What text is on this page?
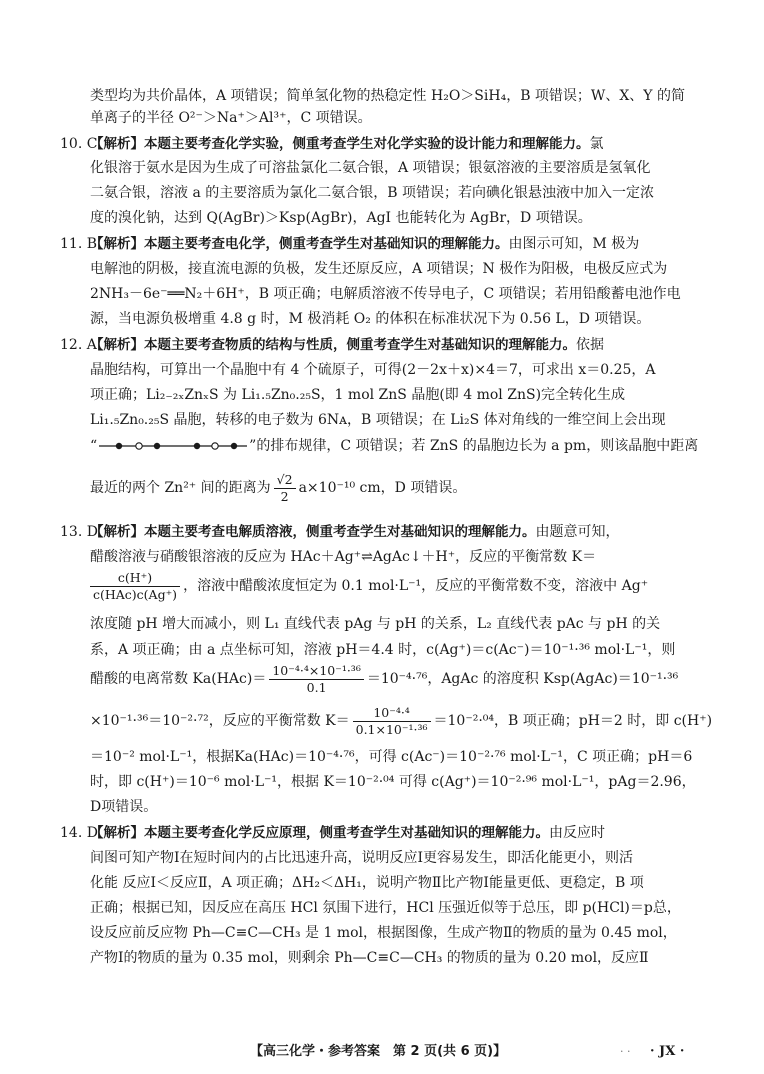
类型均为共价晶体，A 项错误；简单氢化物的热稳定性 H₂O＞SiH₄，B 项错误；W、X、Y 的简
单离子的半径 O²⁻＞Na⁺＞Al³⁺，C 项错误。
10. C【解析】本题主要考查化学实验，侧重考查学生对化学实验的设计能力和理解能力。氯
化银溶于氨水是因为生成了可溶盐氯化二氨合银，A 项错误；银氨溶液的主要溶质是氢氧化
二氨合银，溶液 a 的主要溶质为氯化二氨合银，B 项错误；若向碘化银悬浊液中加入一定浓
度的溴化钠，达到 Q(AgBr)＞Ksp(AgBr)，AgI 也能转化为 AgBr，D 项错误。
11. B【解析】本题主要考查电化学，侧重考查学生对基础知识的理解能力。由图示可知，M 极为
电解池的阴极，接直流电源的负极，发生还原反应，A 项错误；N 极作为阳极，电极反应式为
2NH₃－6e⁻══N₂＋6H⁺，B 项正确；电解质溶液不传导电子，C 项错误；若用铅酸蓄电池作电
源，当电源负极增重 4.8 g 时，M 极消耗 O₂ 的体积在标准状况下为 0.56 L，D 项错误。
12. A【解析】本题主要考查物质的结构与性质，侧重考查学生对基础知识的理解能力。依据
晶胞结构，可算出一个晶胞中有 4 个硫原子，可得(2－2x＋x)×4＝7，可求出 x＝0.25，A
项正确；Li₂₋₂ₓZnₓS 为 Li₁.₅Zn₀.₂₅S，1 mol ZnS 晶胞(即 4 mol ZnS)完全转化生成
Li₁.₅Zn₀.₂₅S 晶胞，转移的电子数为 6Nᴀ，B 项错误；在 Li₂S 体对角线的一维空间上会出现
“	”的排布规律，C 项错误；若 ZnS 的晶胞边长为 a pm，则该晶胞中距离
最近的两个 Zn²⁺ 间的距离为 $\frac{√2}{2} a\times 10^{-10}$ cm，D 项错误。
13. D【解析】本题主要考查电解质溶液，侧重考查学生对基础知识的理解能力。由题意可知，
醋酸溶液与硝酸银溶液的反应为 HAc＋Ag⁺⇌AgAc↓＋H⁺，反应的平衡常数 K＝
$\frac{c(H^+)}{\text{c(HAc)c(Ag⁺)}}$ ，溶液中醋酸浓度恒定为 0.1 mol·L⁻¹，反应的平衡常数不变，溶液中 Ag⁺
浓度随 pH 增大而减小，则 L₁ 直线代表 pAg 与 pH 的关系，L₂ 直线代表 pAc 与 pH 的关
系，A 项正确；由 a 点坐标可知，溶液 pH＝4.4 时，c(Ag⁺)＝c(Ac⁻)＝10⁻¹·³⁶ mol·L⁻¹，则
醋酸的电离常数 $Ka(HAc)= \frac{\text{10⁻⁴·⁴×10⁻¹·³⁶}}{0.1} =10^{-4}\cdot^{76}$，AgAc 的溶度积 Ksp(AgAc)＝10⁻¹·³⁶
×10⁻¹·³⁶＝10⁻²·⁷²，反应的平衡常数 $K= \frac{\text{10⁻⁴·⁴}}{\text{0.1×10⁻¹·³⁶}} =10^{-2}\cdot^{04}$，B 项正确；pH＝2 时，即 c(H⁺)
＝10⁻² mol·L⁻¹，根据Ka(HAc)＝10⁻⁴·⁷⁶，可得 c(Ac⁻)＝10⁻²·⁷⁶ mol·L⁻¹，C 项正确；pH＝6
时，即 c(H⁺)＝10⁻⁶ mol·L⁻¹，根据 K＝10⁻²·⁰⁴ 可得 c(Ag⁺)＝10⁻²·⁹⁶ mol·L⁻¹，pAg＝2.96，
D项错误。
14. D【解析】本题主要考查化学反应原理，侧重考查学生对基础知识的理解能力。由反应时
间图可知产物Ⅰ在短时间内的占比迅速升高，说明反应Ⅰ更容易发生，即活化能更小，则活
化能 反应Ⅰ＜反应Ⅱ，A 项正确；ΔH₂＜ΔH₁，说明产物Ⅱ比产物Ⅰ能量更低、更稳定，B 项
正确；根据已知，因反应在高压 HCl 氛围下进行，HCl 压强近似等于总压，即 p(HCl)＝p总，
设反应前反应物 Ph—C≡C—CH₃ 是 1 mol，根据图像，生成产物Ⅱ的物质的量为 0.45 mol，
产物Ⅰ的物质的量为 0.35 mol，则剩余 Ph—C≡C—CH₃ 的物质的量为 0.20 mol，反应Ⅱ
【高三化学・参考答案　第 2 页(共 6 页)】	· · · JX ·
